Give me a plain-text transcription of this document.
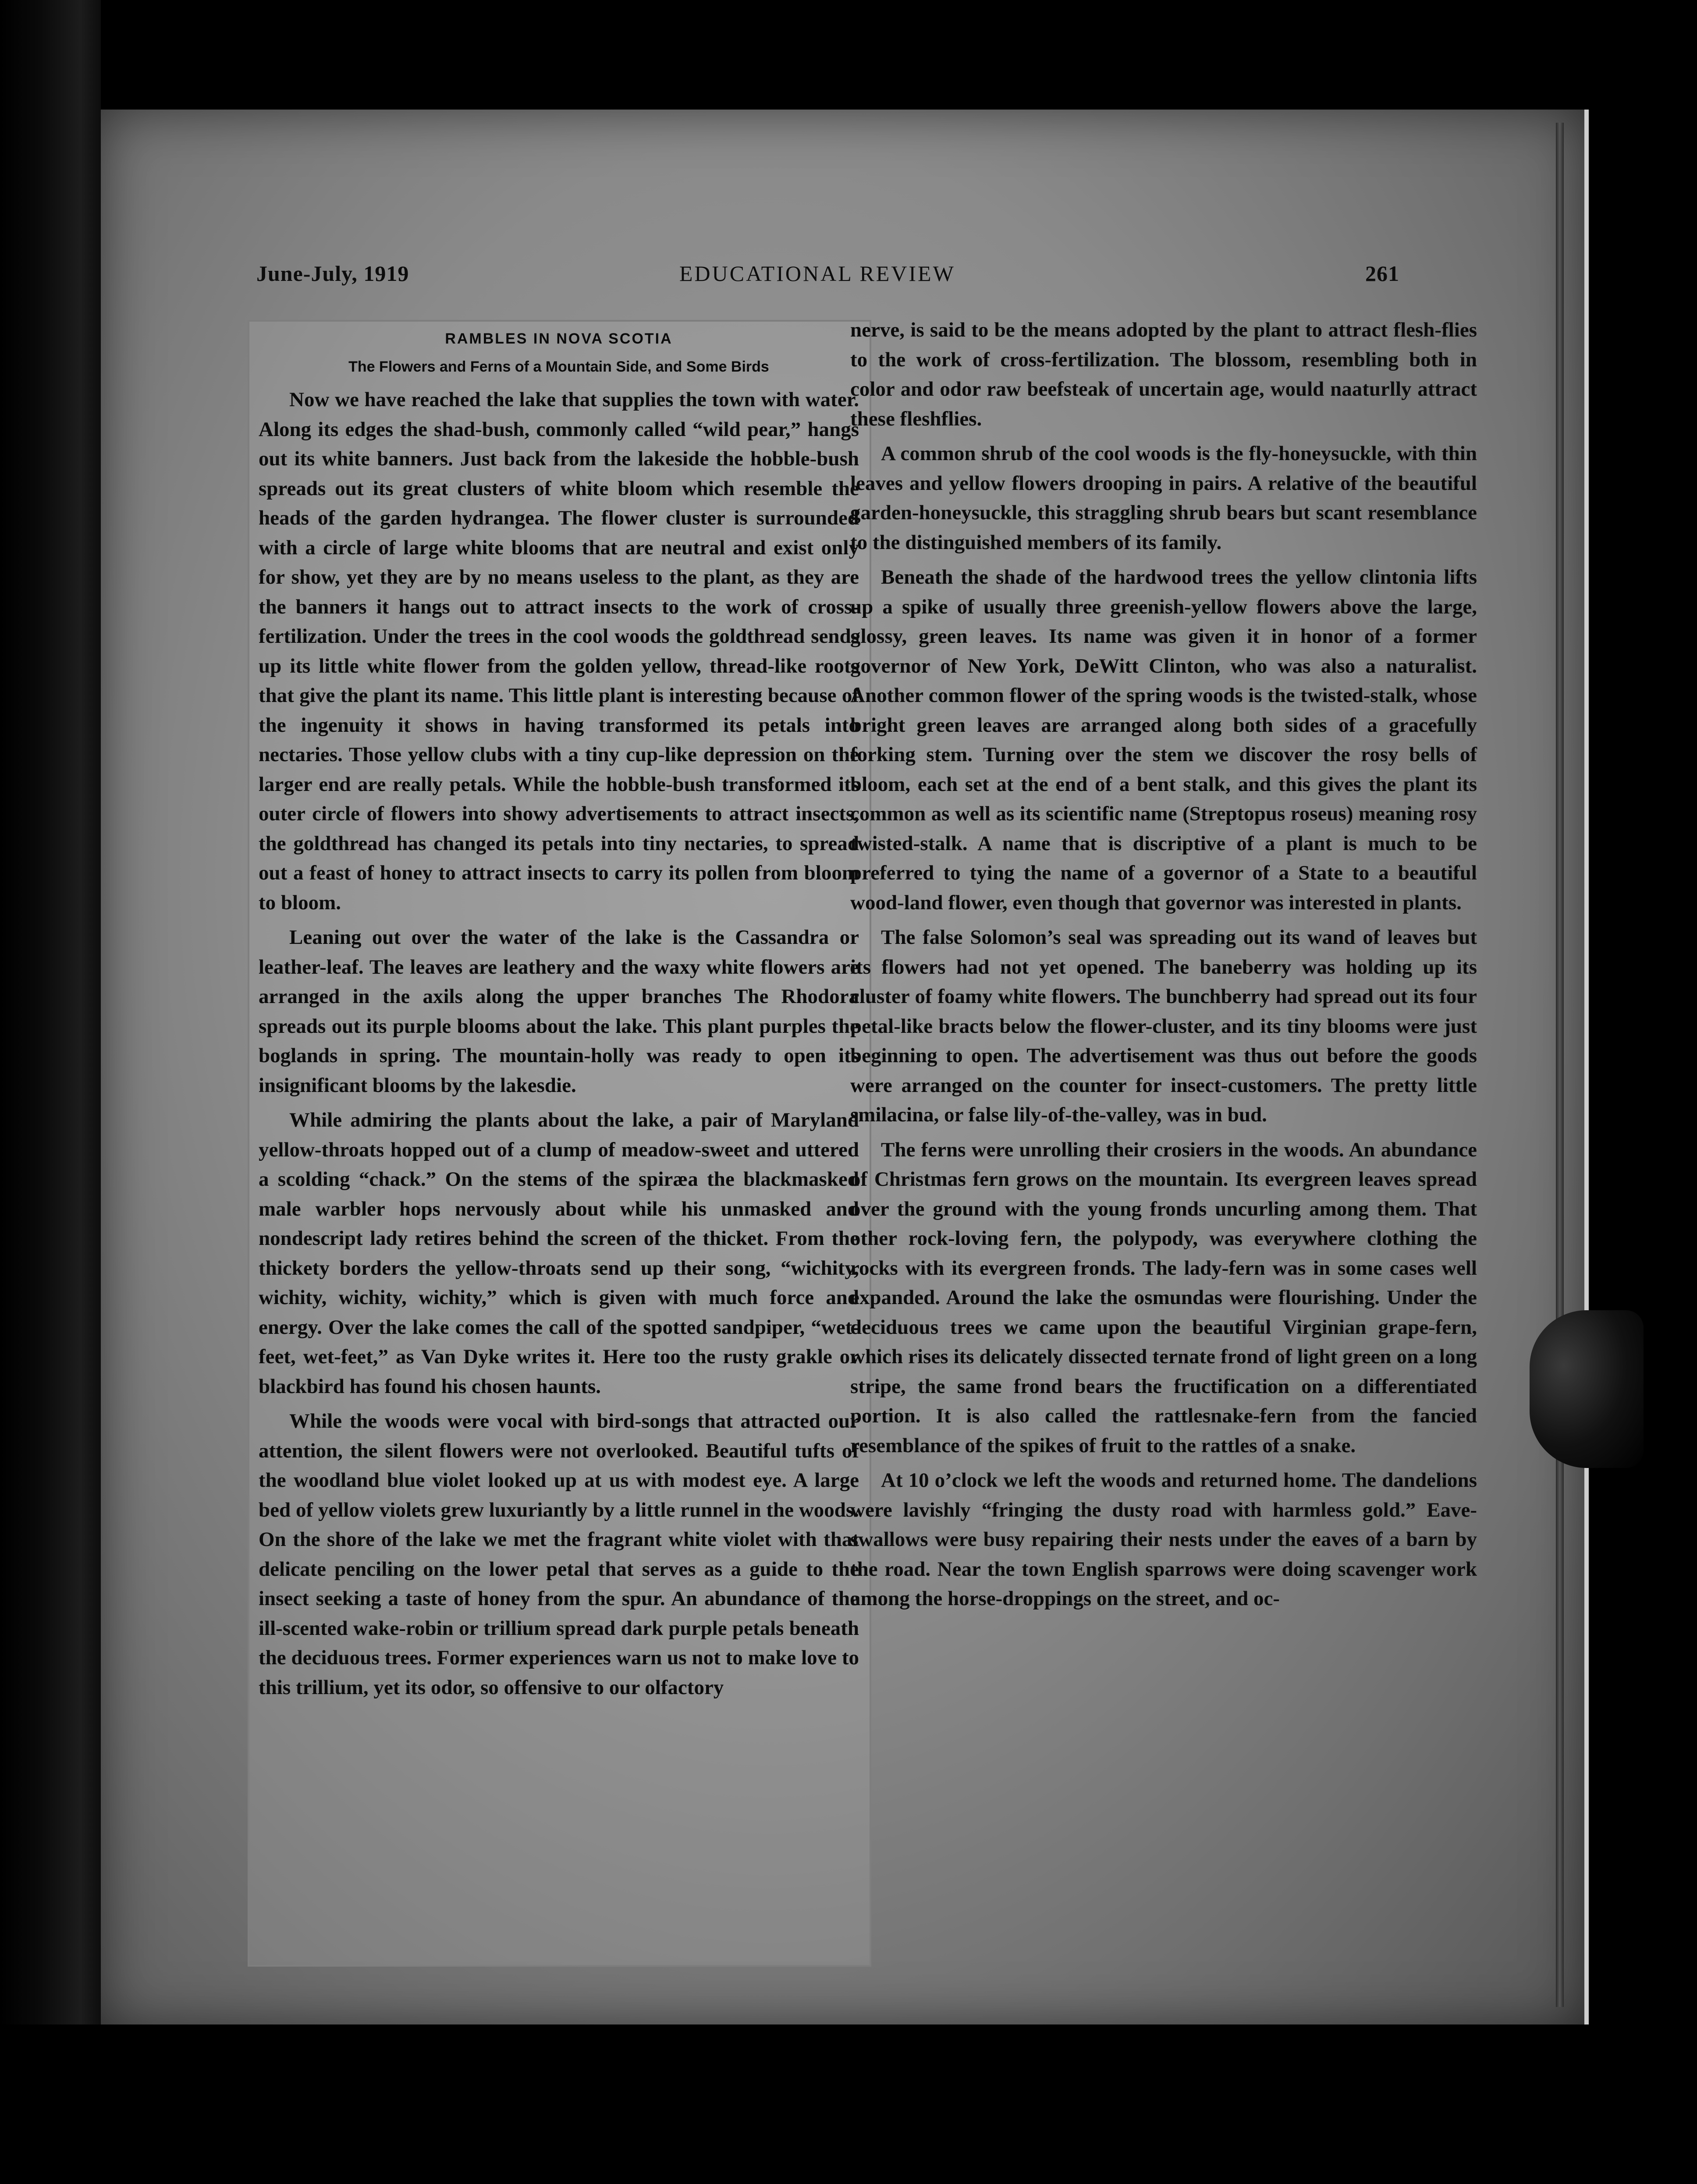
June-July, 1919	EDUCATIONAL REVIEW	261
RAMBLES IN NOVA SCOTIA
The Flowers and Ferns of a Mountain Side, and Some Birds

Now we have reached the lake that supplies the town with water. Along its edges the shad-bush, commonly called “wild pear,” hangs out its white banners. Just back from the lakeside the hobble-bush spreads out its great clusters of white bloom which resemble the heads of the garden hydrangea. The flower cluster is surrounded with a circle of large white blooms that are neutral and exist only for show, yet they are by no means useless to the plant, as they are the banners it hangs out to attract insects to the work of cross-fertilization. Under the trees in the cool woods the goldthread sends up its little white flower from the golden yellow, thread-like roots that give the plant its name. This little plant is interesting because of the ingenuity it shows in having transformed its petals into nectaries. Those yellow clubs with a tiny cup-like depression on the larger end are really petals. While the hobble-bush transformed its outer circle of flowers into showy advertisements to attract insects, the goldthread has changed its petals into tiny nectaries, to spread out a feast of honey to attract insects to carry its pollen from bloom to bloom.

Leaning out over the water of the lake is the Cassandra or leather-leaf. The leaves are leathery and the waxy white flowers are arranged in the axils along the upper branches The Rhodora spreads out its purple blooms about the lake. This plant purples the boglands in spring. The mountain-holly was ready to open its insignificant blooms by the lakesdie.

While admiring the plants about the lake, a pair of Maryland yellow-throats hopped out of a clump of meadow-sweet and uttered a scolding “chack.” On the stems of the spiræa the blackmasked male warbler hops nervously about while his unmasked and nondescript lady retires behind the screen of the thicket. From the thickety borders the yellow-throats send up their song, “wichity, wichity, wichity, wichity,” which is given with much force and energy. Over the lake comes the call of the spotted sandpiper, “wet-feet, wet-feet,” as Van Dyke writes it. Here too the rusty grakle or blackbird has found his chosen haunts.

While the woods were vocal with bird-songs that attracted our attention, the silent flowers were not overlooked. Beautiful tufts of the woodland blue violet looked up at us with modest eye. A large bed of yellow violets grew luxuriantly by a little runnel in the woods. On the shore of the lake we met the fragrant white violet with that delicate penciling on the lower petal that serves as a guide to the insect seeking a taste of honey from the spur. An abundance of the ill-scented wake-robin or trillium spread dark purple petals beneath the deciduous trees. Former experiences warn us not to make love to this trillium, yet its odor, so offensive to our olfactory

nerve, is said to be the means adopted by the plant to attract flesh-flies to the work of cross-fertilization. The blossom, resembling both in color and odor raw beefsteak of uncertain age, would naaturlly attract these fleshflies.

A common shrub of the cool woods is the fly-honeysuckle, with thin leaves and yellow flowers drooping in pairs. A relative of the beautiful garden-honeysuckle, this straggling shrub bears but scant resemblance to the distinguished members of its family.

Beneath the shade of the hardwood trees the yellow clintonia lifts up a spike of usually three greenish-yellow flowers above the large, glossy, green leaves. Its name was given it in honor of a former governor of New York, DeWitt Clinton, who was also a naturalist. Another common flower of the spring woods is the twisted-stalk, whose bright green leaves are arranged along both sides of a gracefully forking stem. Turning over the stem we discover the rosy bells of bloom, each set at the end of a bent stalk, and this gives the plant its common as well as its scientific name (Streptopus roseus) meaning rosy twisted-stalk. A name that is discriptive of a plant is much to be preferred to tying the name of a governor of a State to a beautiful wood-land flower, even though that governor was interested in plants.

The false Solomon’s seal was spreading out its wand of leaves but its flowers had not yet opened. The baneberry was holding up its cluster of foamy white flowers. The bunchberry had spread out its four petal-like bracts below the flower-cluster, and its tiny blooms were just beginning to open. The advertisement was thus out before the goods were arranged on the counter for insect-customers. The pretty little smilacina, or false lily-of-the-valley, was in bud.

The ferns were unrolling their crosiers in the woods. An abundance of Christmas fern grows on the mountain. Its evergreen leaves spread over the ground with the young fronds uncurling among them. That other rock-loving fern, the polypody, was everywhere clothing the rocks with its evergreen fronds. The lady-fern was in some cases well expanded. Around the lake the osmundas were flourishing. Under the deciduous trees we came upon the beautiful Virginian grape-fern, which rises its delicately dissected ternate frond of light green on a long stripe, the same frond bears the fructification on a differentiated portion. It is also called the rattlesnake-fern from the fancied resemblance of the spikes of fruit to the rattles of a snake.

At 10 o’clock we left the woods and returned home. The dandelions were lavishly “fringing the dusty road with harmless gold.” Eave-swallows were busy repairing their nests under the eaves of a barn by the road. Near the town English sparrows were doing scavenger work among the horse-droppings on the street, and oc-
